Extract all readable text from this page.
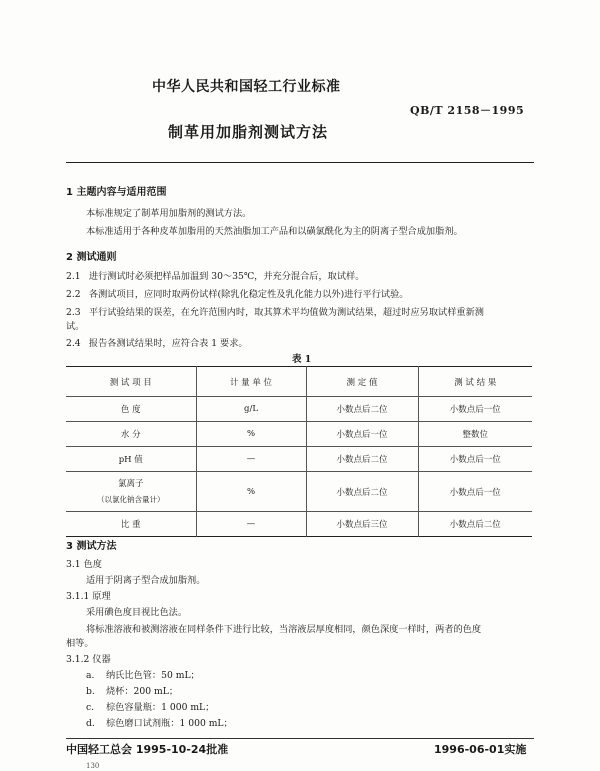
中华人民共和国轻工行业标准
QB/T 2158－1995
制革用加脂剂测试方法
1 主题内容与适用范围
本标准规定了制革用加脂剂的测试方法。
本标准适用于各种皮革加脂用的天然油脂加工产品和以磺氯酰化为主的阴离子型合成加脂剂。
2 测试通则
2.1 进行测试时必须把样品加温到 30～35℃，并充分混合后，取试样。
2.2 各测试项目，应同时取两份试样(除乳化稳定性及乳化能力以外)进行平行试验。
2.3 平行试验结果的误差，在允许范围内时，取其算术平均值做为测试结果，超过时应另取试样重新测
试。
2.4 报告各测试结果时，应符合表 1 要求。
表 1
测 试 项 目	计 量 单 位	测 定 值	测 试 结 果
色 度	g/L	小数点后二位	小数点后一位
水 分	%	小数点后一位	整数位
pH 值	—	小数点后二位	小数点后一位

氯离子
（以氯化钠含量计）	%	小数点后二位	小数点后一位
比 重	—	小数点后三位	小数点后二位
3 测试方法
3.1 色度
适用于阴离子型合成加脂剂。
3.1.1 原理
采用碘色度目视比色法。
将标准溶液和被测溶液在同样条件下进行比较，当溶液层厚度相同，颜色深度一样时，两者的色度
相等。
3.1.2 仪器
a. 纳氏比色管：50 mL；
b. 烧杯：200 mL；
c. 棕色容量瓶：1 000 mL；
d. 棕色磨口试剂瓶：1 000 mL；
中国轻工总会 1995-10-24批准	1996-06-01实施
130
